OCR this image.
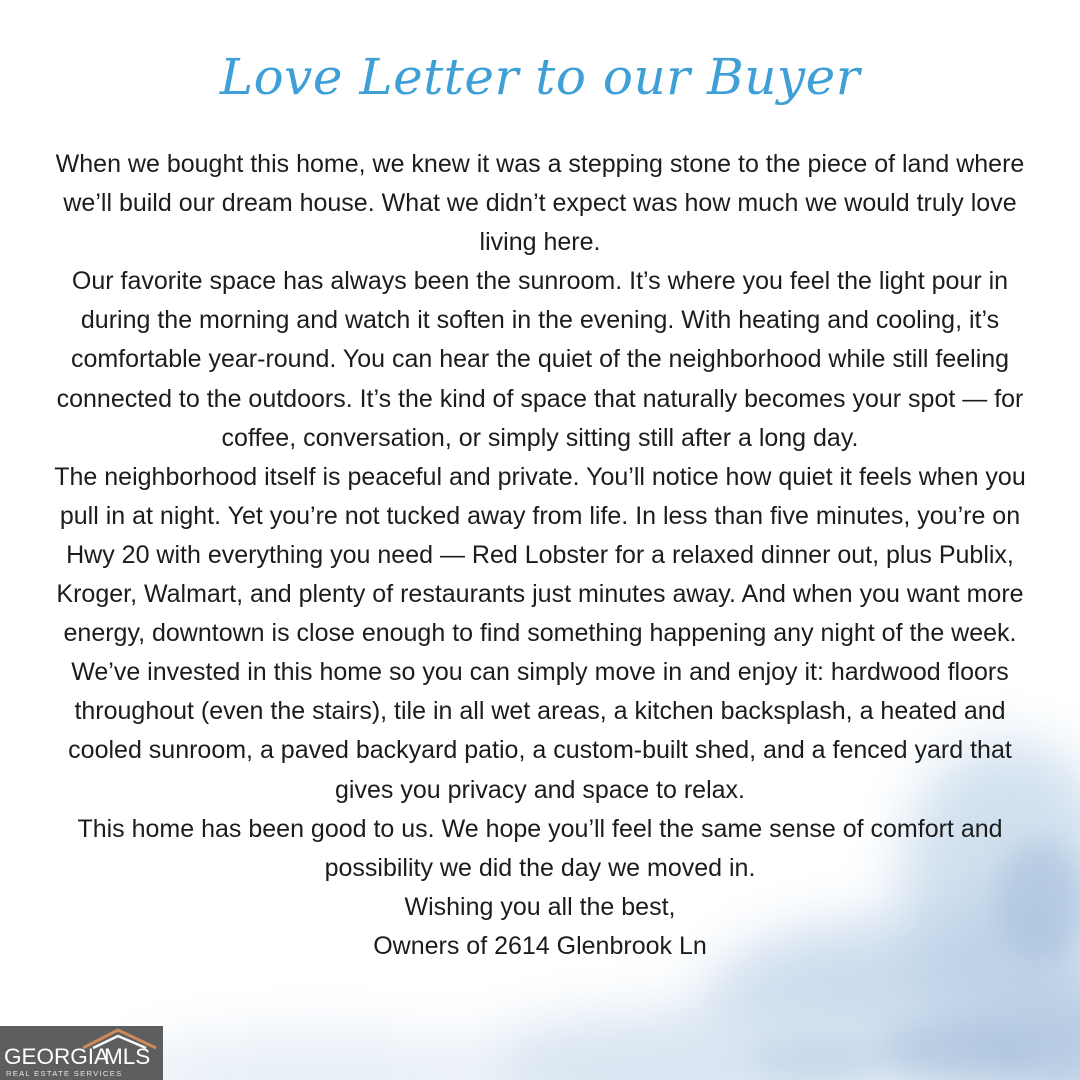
Love Letter to our Buyer

When we bought this home, we knew it was a stepping stone to the piece of land where we’ll build our dream house. What we didn’t expect was how much we would truly love living here.

Our favorite space has always been the sunroom. It’s where you feel the light pour in during the morning and watch it soften in the evening. With heating and cooling, it’s comfortable year-round. You can hear the quiet of the neighborhood while still feeling connected to the outdoors. It’s the kind of space that naturally becomes your spot — for coffee, conversation, or simply sitting still after a long day.

The neighborhood itself is peaceful and private. You’ll notice how quiet it feels when you pull in at night. Yet you’re not tucked away from life. In less than five minutes, you’re on Hwy 20 with everything you need — Red Lobster for a relaxed dinner out, plus Publix, Kroger, Walmart, and plenty of restaurants just minutes away. And when you want more energy, downtown is close enough to find something happening any night of the week.

We’ve invested in this home so you can simply move in and enjoy it: hardwood floors throughout (even the stairs), tile in all wet areas, a kitchen backsplash, a heated and cooled sunroom, a paved backyard patio, a custom-built shed, and a fenced yard that gives you privacy and space to relax.

This home has been good to us. We hope you’ll feel the same sense of comfort and possibility we did the day we moved in.

Wishing you all the best,

Owners of 2614 Glenbrook Ln

GEORGIA
MLS
REAL ESTATE SERVICES
